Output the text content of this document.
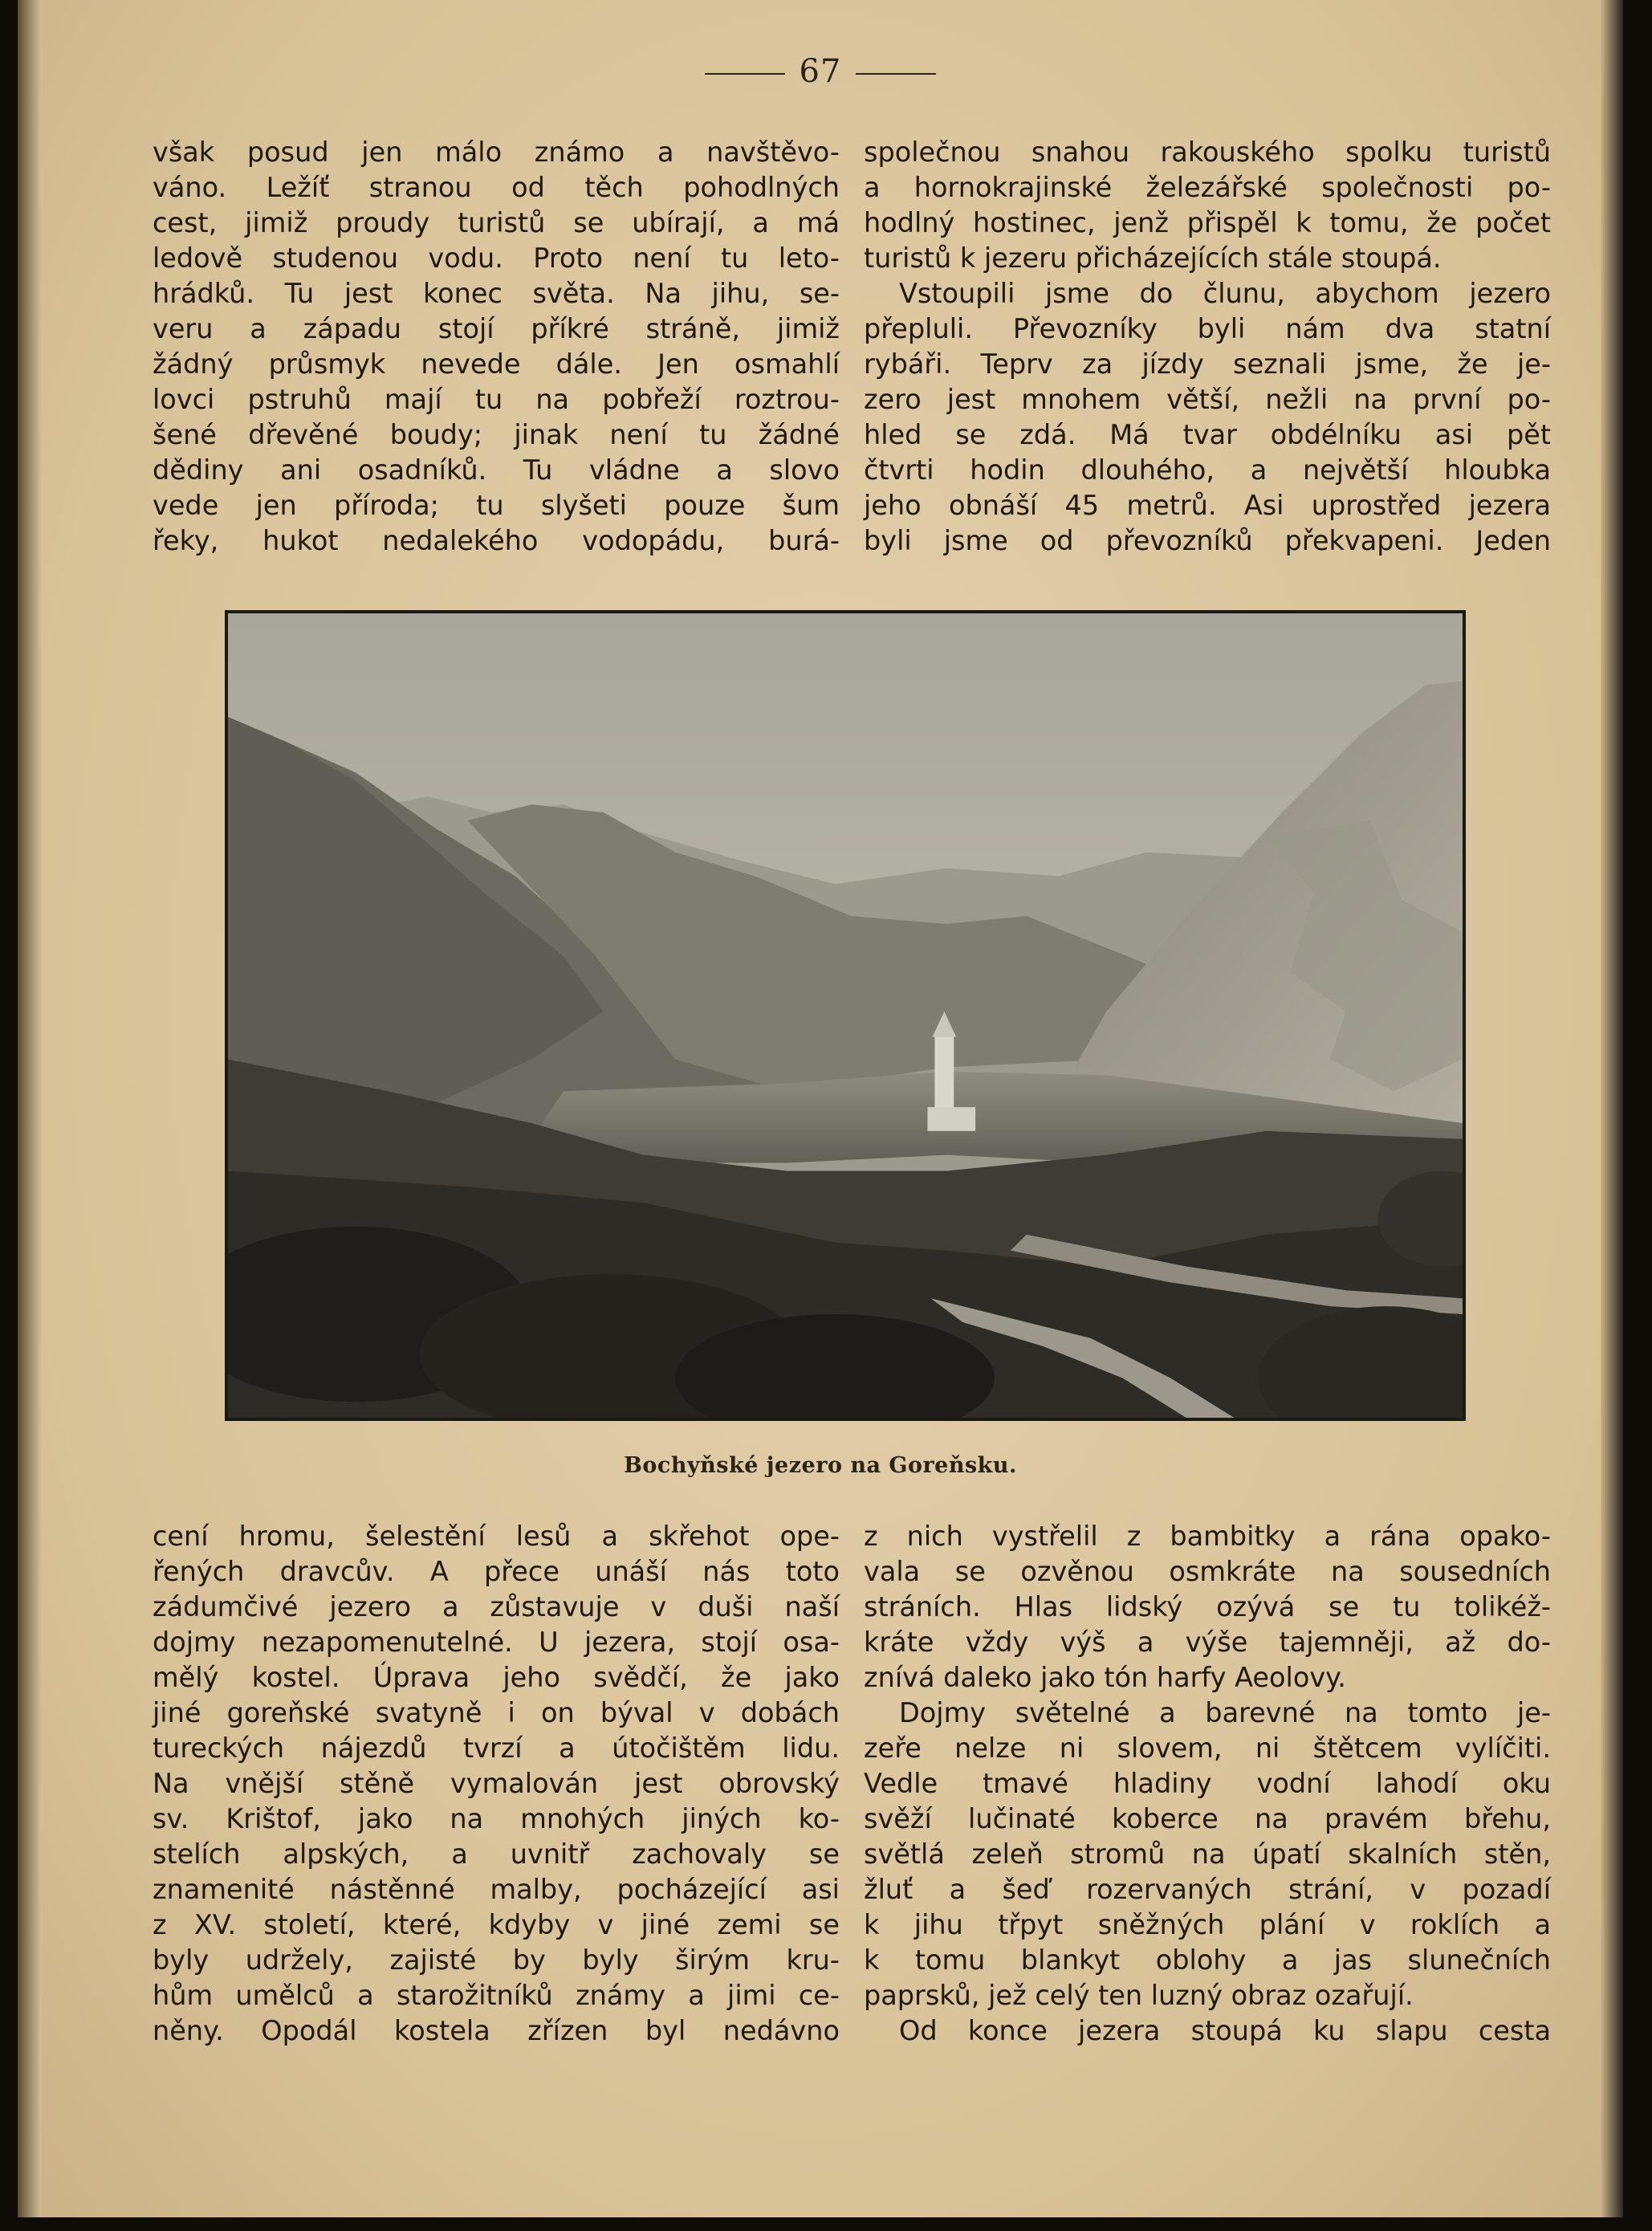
67
však posud jen málo známo a navštěvo-
váno. Ležíť stranou od těch pohodlných
cest, jimiž proudy turistů se ubírají, a má
ledově studenou vodu. Proto není tu leto-
hrádků. Tu jest konec světa. Na jihu, se-
veru a západu stojí příkré stráně, jimiž
žádný průsmyk nevede dále. Jen osmahlí
lovci pstruhů mají tu na pobřeží roztrou-
šené dřevěné boudy; jinak není tu žádné
dědiny ani osadníků. Tu vládne a slovo
vede jen příroda; tu slyšeti pouze šum
řeky, hukot nedalekého vodopádu, burá-
společnou snahou rakouského spolku turistů
a hornokrajinské železářské společnosti po-
hodlný hostinec, jenž přispěl k tomu, že počet
turistů k jezeru přicházejících stále stoupá.
Vstoupili jsme do člunu, abychom jezero
přepluli. Převozníky byli nám dva statní
rybáři. Teprv za jízdy seznali jsme, že je-
zero jest mnohem větší, nežli na první po-
hled se zdá. Má tvar obdélníku asi pět
čtvrti hodin dlouhého, a největší hloubka
jeho obnáší 45 metrů. Asi uprostřed jezera
byli jsme od převozníků překvapeni. Jeden
Bochyňské jezero na Goreňsku.
cení hromu, šelestění lesů a skřehot ope-
řených dravcův. A přece unáší nás toto
zádumčivé jezero a zůstavuje v duši naší
dojmy nezapomenutelné. U jezera, stojí osa-
mělý kostel. Úprava jeho svědčí, že jako
jiné goreňské svatyně i on býval v dobách
tureckých nájezdů tvrzí a útočištěm lidu.
Na vnější stěně vymalován jest obrovský
sv. Krištof, jako na mnohých jiných ko-
stelích alpských, a uvnitř zachovaly se
znamenité nástěnné malby, pocházející asi
z XV. století, které, kdyby v jiné zemi se
byly udržely, zajisté by byly širým kru-
hům umělců a starožitníků známy a jimi ce-
něny. Opodál kostela zřízen byl nedávno
z nich vystřelil z bambitky a rána opako-
vala se ozvěnou osmkráte na sousedních
stráních. Hlas lidský ozývá se tu tolikéž-
kráte vždy výš a výše tajemněji, až do-
znívá daleko jako tón harfy Aeolovy.
Dojmy světelné a barevné na tomto je-
zeře nelze ni slovem, ni štětcem vylíčiti.
Vedle tmavé hladiny vodní lahodí oku
svěží lučinaté koberce na pravém břehu,
světlá zeleň stromů na úpatí skalních stěn,
žluť a šeď rozervaných strání, v pozadí
k jihu třpyt sněžných plání v roklích a
k tomu blankyt oblohy a jas slunečních
paprsků, jež celý ten luzný obraz ozařují.
Od konce jezera stoupá ku slapu cesta
